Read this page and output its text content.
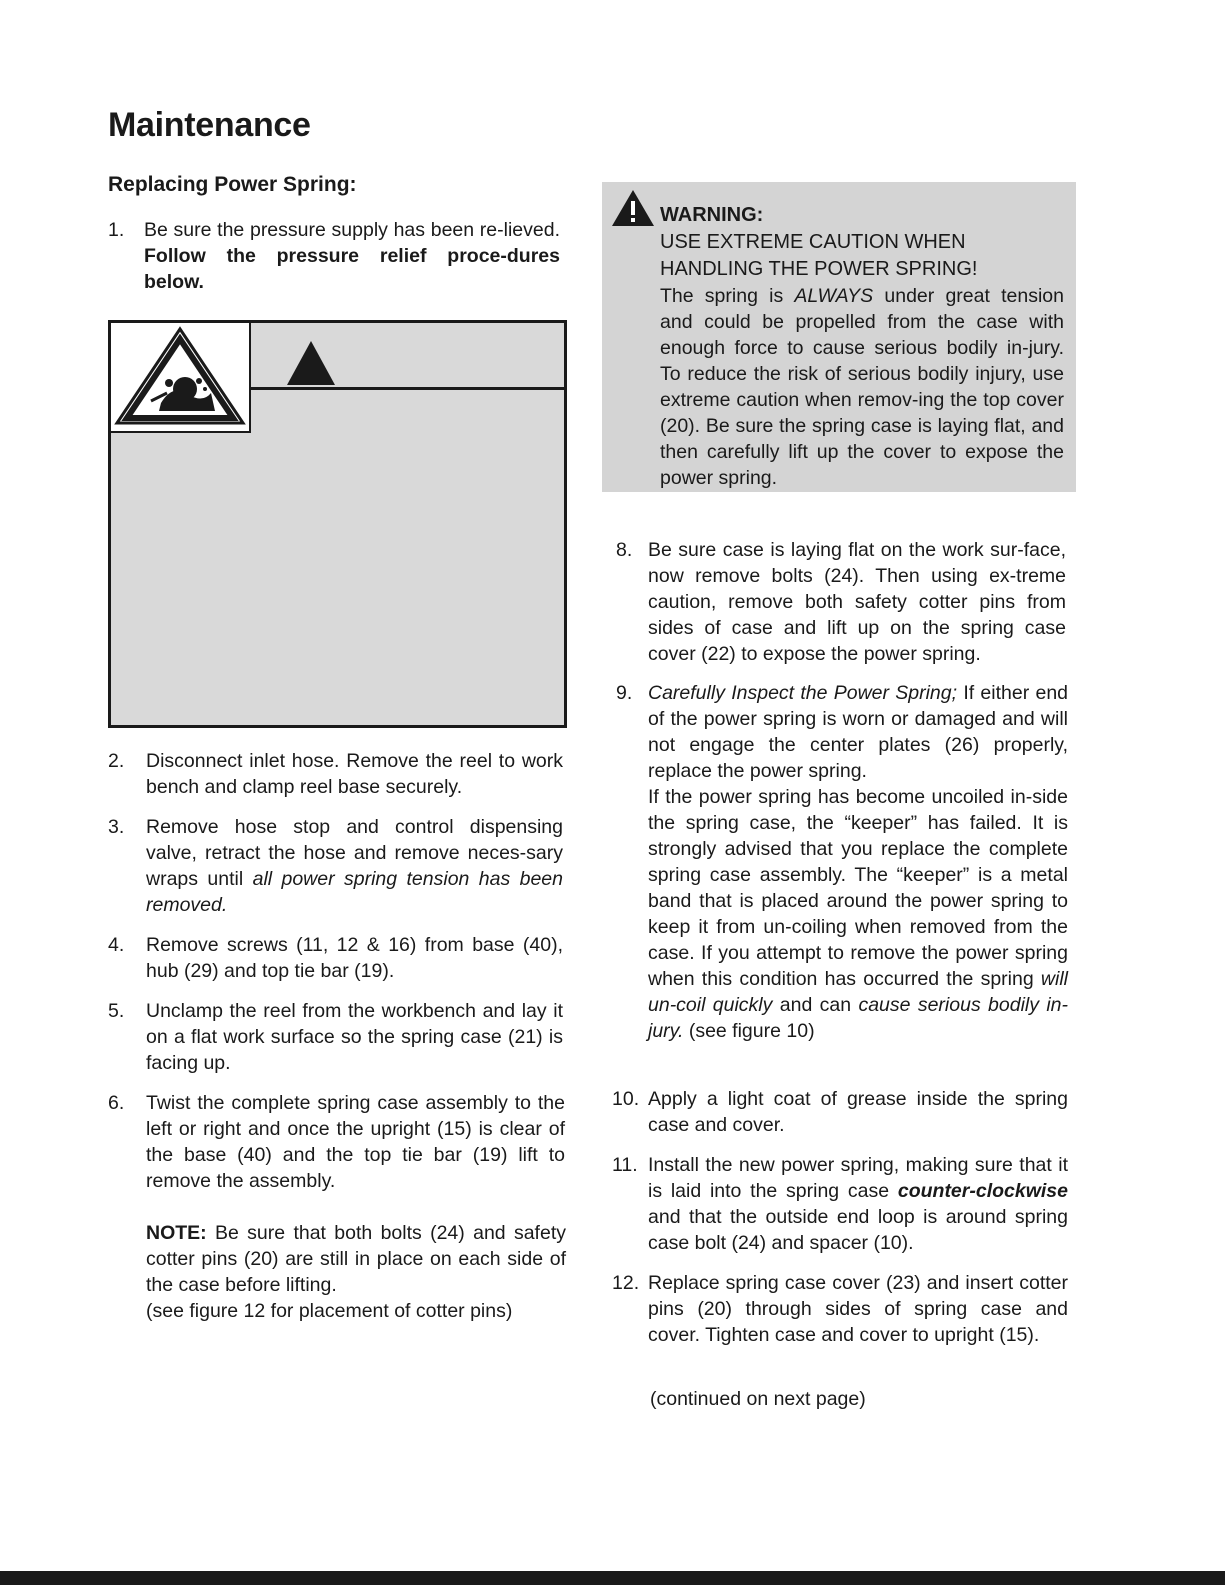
Maintenance
Replacing Power Spring:
1. Be sure the pressure supply has been re-lieved. Follow the pressure relief proce-dures below.

2. Disconnect inlet hose. Remove the reel to work bench and clamp reel base securely.

3. Remove hose stop and control dispensing valve, retract the hose and remove neces-sary wraps until all power spring tension has been removed.

4. Remove screws (11, 12 & 16) from base (40), hub (29) and top tie bar (19).

5. Unclamp the reel from the workbench and lay it on a flat work surface so the spring case (21) is facing up.

6. Twist the complete spring case assembly to the left or right and once the upright (15) is clear of the base (40) and the top tie bar (19) lift to remove the assembly.

NOTE: Be sure that both bolts (24) and safety cotter pins (20) are still in place on each side of the case before lifting.

(see figure 12 for placement of cotter pins)

WARNING:

USE EXTREME CAUTION WHEN HANDLING THE POWER SPRING!

The spring is ALWAYS under great tension and could be propelled from the case with enough force to cause serious bodily in-jury. To reduce the risk of serious bodily injury, use extreme caution when remov-ing the top cover (20). Be sure the spring case is laying flat, and then carefully lift up the cover to expose the power spring.

8. Be sure case is laying flat on the work sur-face, now remove bolts (24). Then using ex-treme caution, remove both safety cotter pins from sides of case and lift up on the spring case cover (22) to expose the power spring.

9. Carefully Inspect the Power Spring; If either end of the power spring is worn or damaged and will not engage the center plates (26) properly, replace the power spring.

If the power spring has become uncoiled in-side the spring case, the “keeper” has failed. It is strongly advised that you replace the complete spring case assembly. The “keeper” is a metal band that is placed around the power spring to keep it from un-coiling when removed from the case. If you attempt to remove the power spring when this condition has occurred the spring will un-coil quickly and can cause serious bodily in-jury. (see figure 10)

10. Apply a light coat of grease inside the spring case and cover.

11. Install the new power spring, making sure that it is laid into the spring case counter-clockwise and that the outside end loop is around spring case bolt (24) and spacer (10).

12. Replace spring case cover (23) and insert cotter pins (20) through sides of spring case and cover. Tighten case and cover to upright (15).

(continued on next page)
